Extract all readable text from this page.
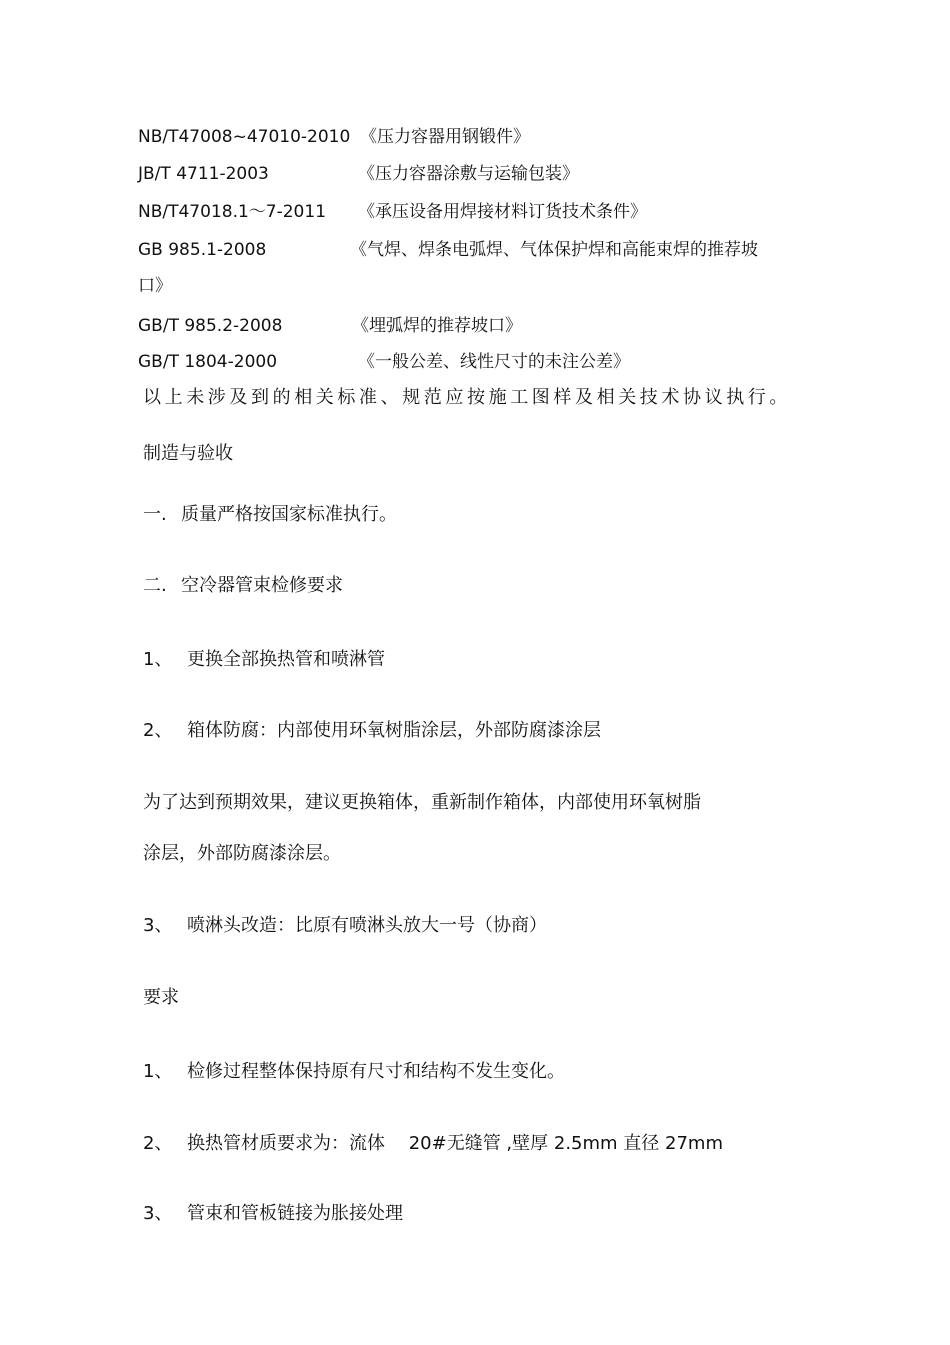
NB/T47008~47010-2010 《压力容器用钢锻件》
JB/T 4711-2003	《压力容器涂敷与运输包装》
NB/T47018.1～7-2011 《承压设备用焊接材料订货技术条件》
GB 985.1-2008	《气焊、焊条电弧焊、气体保护焊和高能束焊的推荐坡
口》
GB/T 985.2-2008	《埋弧焊的推荐坡口》
GB/T 1804-2000	《一般公差、线性尺寸的未注公差》
以上未涉及到的相关标准、规范应按施工图样及相关技术协议执行。
制造与验收
一. 质量严格按国家标准执行。
二. 空冷器管束检修要求
1、 更换全部换热管和喷淋管
2、 箱体防腐：内部使用环氧树脂涂层，外部防腐漆涂层
为了达到预期效果，建议更换箱体，重新制作箱体，内部使用环氧树脂
涂层，外部防腐漆涂层。
3、 喷淋头改造：比原有喷淋头放大一号（协商）
要求
1、 检修过程整体保持原有尺寸和结构不发生变化。
2、 换热管材质要求为：流体　 20#无缝管 ,壁厚 2.5mm 直径 27mm
3、 管束和管板链接为胀接处理
